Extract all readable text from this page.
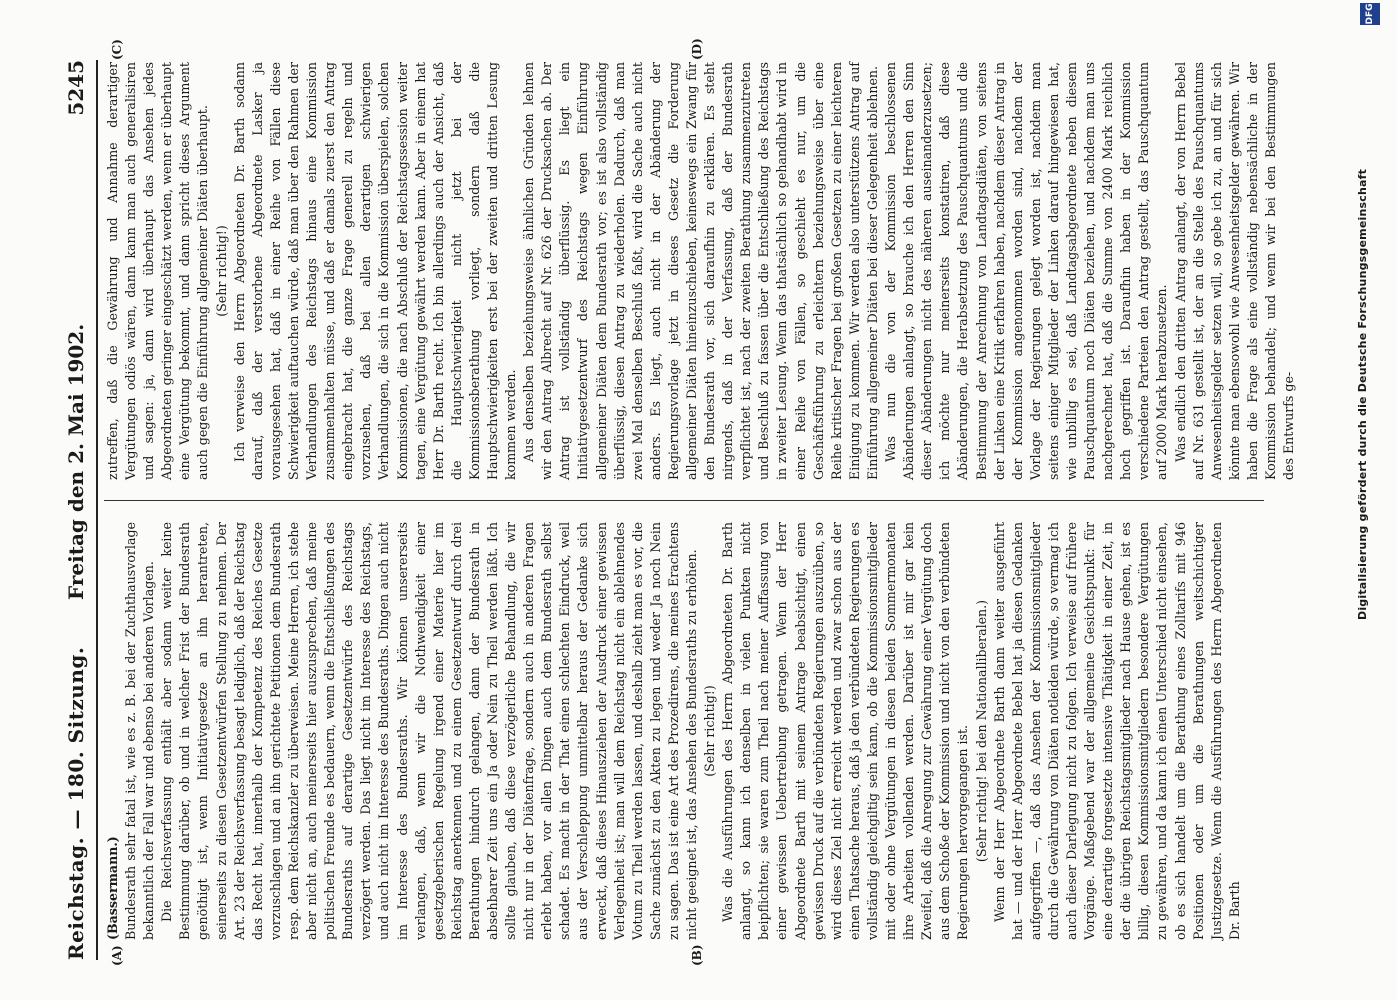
Reichstag. — 180. Sitzung.
Freitag den 2. Mai 1902.
5245
(A)	(B)
(C)	(D)

(Bassermann.) Bundesrath sehr fatal ist, wie es z. B. bei der Zuchthausvorlage bekanntlich der Fall war und ebenso bei anderen Vorlagen. Die Reichsverfassung enthält aber sodann weiter keine Bestimmung darüber, ob und in welcher Frist der Bundesrath genöthigt ist, wenn Initiativgesetze an ihn herantreten, seinerseits zu diesen Gesetzentwürfen Stellung zu nehmen. Der Art. 23 der Reichsverfassung besagt lediglich, daß der Reichstag das Recht hat, innerhalb der Kompetenz des Reiches Gesetze vorzuschlagen und an ihn gerichtete Petitionen dem Bundesrath resp. dem Reichskanzler zu überweisen. Meine Herren, ich stehe aber nicht an, auch meinerseits hier auszusprechen, daß meine politischen Freunde es bedauern, wenn die Entschließungen des Bundesraths auf derartige Gesetzentwürfe des Reichstags verzögert werden. Das liegt nicht im Interesse des Reichstags, und auch nicht im Interesse des Bundesraths. Dingen auch nicht im Interesse des Bundesraths. Wir können unsererseits verlangen, daß, wenn wir die Nothwendigkeit einer gesetzgeberischen Regelung irgend einer Materie hier im Reichstag anerkennen und zu einem Gesetzentwurf durch drei Berathungen hindurch gelangen, dann der Bundesrath in absehbarer Zeit uns ein Ja oder Nein zu Theil werden läßt. Ich sollte glauben, daß diese verzögerliche Behandlung, die wir nicht nur in der Diätenfrage, sondern auch in anderen Fragen erlebt haben, vor allen Dingen auch dem Bundesrath selbst schadet. Es macht in der That einen schlechten Eindruck, weil aus der Verschleppung unmittelbar heraus der Gedanke sich erweckt, daß dieses Hinausziehen der Ausdruck einer gewissen Verlegenheit ist; man will dem Reichstag nicht ein ablehnendes Votum zu Theil werden lassen, und deshalb zieht man es vor, die Sache zunächst zu den Akten zu legen und weder Ja noch Nein zu sagen. Das ist eine Art des Prozedirens, die meines Erachtens nicht geeignet ist, das Ansehen des Bundesraths zu erhöhen. (Sehr richtig!) Was die Ausführungen des Herrn Abgeordneten Dr. Barth anlangt, so kann ich denselben in vielen Punkten nicht beipflichten; sie waren zum Theil nach meiner Auffassung von einer gewissen Uebertreibung getragen. Wenn der Herr Abgeordnete Barth mit seinem Antrage beabsichtigt, einen gewissen Druck auf die verbündeten Regierungen auszuüben, so wird dieses Ziel nicht erreicht werden und zwar schon aus der einen Thatsache heraus, daß ja den verbündeten Regierungen es vollständig gleichgiltig sein kann, ob die Kommissionsmitglieder mit oder ohne Vergütungen in diesen beiden Sommermonaten ihre Arbeiten vollenden werden. Darüber ist mir gar kein Zweifel, daß die Anregung zur Gewährung einer Vergütung doch aus dem Schoße der Kommission und nicht von den verbündeten Regierungen hervorgegangen ist. (Sehr richtig! bei den Nationalliberalen.) Wenn der Herr Abgeordnete Barth dann weiter ausgeführt hat — und der Herr Abgeordnete Bebel hat ja diesen Gedanken aufgegriffen —, daß das Ansehen der Kommissionsmitglieder durch die Gewährung von Diäten notleiden würde, so vermag ich auch dieser Darlegung nicht zu folgen. Ich verweise auf frühere Vorgänge. Maßgebend war der allgemeine Gesichtspunkt: für eine derartige forgesetzte intensive Thätigkeit in einer Zeit, in der die übrigen Reichstagsmitglieder nach Hause gehen, ist es billig, diesen Kommissionsmitgliedern besondere Vergütungen zu gewähren, und da kann ich einen Unterschied nicht einsehen, ob es sich handelt um die Berathung eines Zolltarifs mit 946 Positionen oder um die Berathungen weitschichtiger Justizgesetze. Wenn die Ausführungen des Herrn Abgeordneten Dr. Barth

zutreffen, daß die Gewährung und Annahme derartiger Vergütungen odiös wären, dann kann man auch generalisiren und sagen: ja, dann wird überhaupt das Ansehen jedes Abgeordneten geringer eingeschätzt werden, wenn er überhaupt eine Vergütung bekommt, und dann spricht dieses Argument auch gegen die Einführung allgemeiner Diäten überhaupt. (Sehr richtig!) Ich verweise den Herrn Abgeordneten Dr. Barth sodann darauf, daß der verstorbene Abgeordnete Lasker ja vorausgesehen hat, daß in einer Reihe von Fällen diese Schwierigkeit auftauchen würde, daß man über den Rahmen der Verhandlungen des Reichstags hinaus eine Kommission zusammenhalten müsse, und daß er damals zuerst den Antrag eingebracht hat, die ganze Frage generell zu regeln und vorzusehen, daß bei allen derartigen schwierigen Verhandlungen, die sich in die Kommission überspielen, solchen Kommissionen, die nach Abschluß der Reichstagssession weiter tagen, eine Vergütung gewährt werden kann. Aber in einem hat Herr Dr. Barth recht. Ich bin allerdings auch der Ansicht, daß die Hauptschwierigkeit nicht jetzt bei der Kommissionsberathung vorliegt, sondern daß die Hauptschwierigkeiten erst bei der zweiten und dritten Lesung kommen werden. Aus denselben beziehungsweise ähnlichen Gründen lehnen wir den Antrag Albrecht auf Nr. 626 der Drucksachen ab. Der Antrag ist vollständig überflüssig. Es liegt ein Initiativgesetzentwurf des Reichstags wegen Einführung allgemeiner Diäten dem Bundesrath vor; es ist also vollständig überflüssig, diesen Antrag zu wiederholen. Dadurch, daß man zwei Mal denselben Beschluß faßt, wird die Sache auch nicht anders. Es liegt, auch nicht in der Abänderung der Regierungsvorlage jetzt in dieses Gesetz die Forderung allgemeiner Diäten hineinzuschieben, keineswegs ein Zwang für den Bundesrath vor, sich daraufhin zu erklären. Es steht nirgends, daß in der Verfassung, daß der Bundesrath verpflichtet ist, nach der zweiten Berathung zusammenzutreten und Beschluß zu fassen über die Entschließung des Reichstags in zweiter Lesung. Wenn das thatsächlich so gehandhabt wird in einer Reihe von Fällen, so geschieht es nur, um die Geschäftsführung zu erleichtern beziehungsweise über eine Reihe kritischer Fragen bei großen Gesetzen zu einer leichteren Einigung zu kommen. Wir werden also unterstützens Antrag auf Einführung allgemeiner Diäten bei dieser Gelegenheit ablehnen. Was nun die von der Kommission beschlossenen Abänderungen anlangt, so brauche ich den Herren den Sinn dieser Abänderungen nicht des näheren auseinanderzusetzen; ich möchte nur meinerseits konstatiren, daß diese Abänderungen, die Herabsetzung des Pauschquantums und die Bestimmung der Anrechnung von Landtagsdiäten, von seitens der Linken eine Kritik erfahren haben, nachdem dieser Antrag in der Kommission angenommen worden sind, nachdem der Vorlage der Regierungen gelegt worden ist, nachdem man seitens einiger Mitglieder der Linken darauf hingewiesen hat, wie unbillig es sei, daß Landtagsabgeordnete neben diesem Pauschquantum noch Diäten beziehen, und nachdem man uns nachgerechnet hat, daß die Summe von 2400 Mark reichlich hoch gegriffen ist. Daraufhin haben in der Kommission verschiedene Parteien den Antrag gestellt, das Pauschquantum auf 2000 Mark herabzusetzen. Was endlich den dritten Antrag anlangt, der von Herrn Bebel auf Nr. 631 gestellt ist, der an die Stelle des Pauschquantums Anwesenheitsgelder setzen will, so gebe ich zu, an und für sich könnte man ebensowohl wie Anwesenheitsgelder gewähren. Wir haben die Frage als eine vollständig nebensächliche in der Kommission behandelt; und wenn wir bei den Bestimmungen des Entwurfs ge-	Digitalisierung gefördert durch die Deutsche Forschungsgemeinschaft
DFG
